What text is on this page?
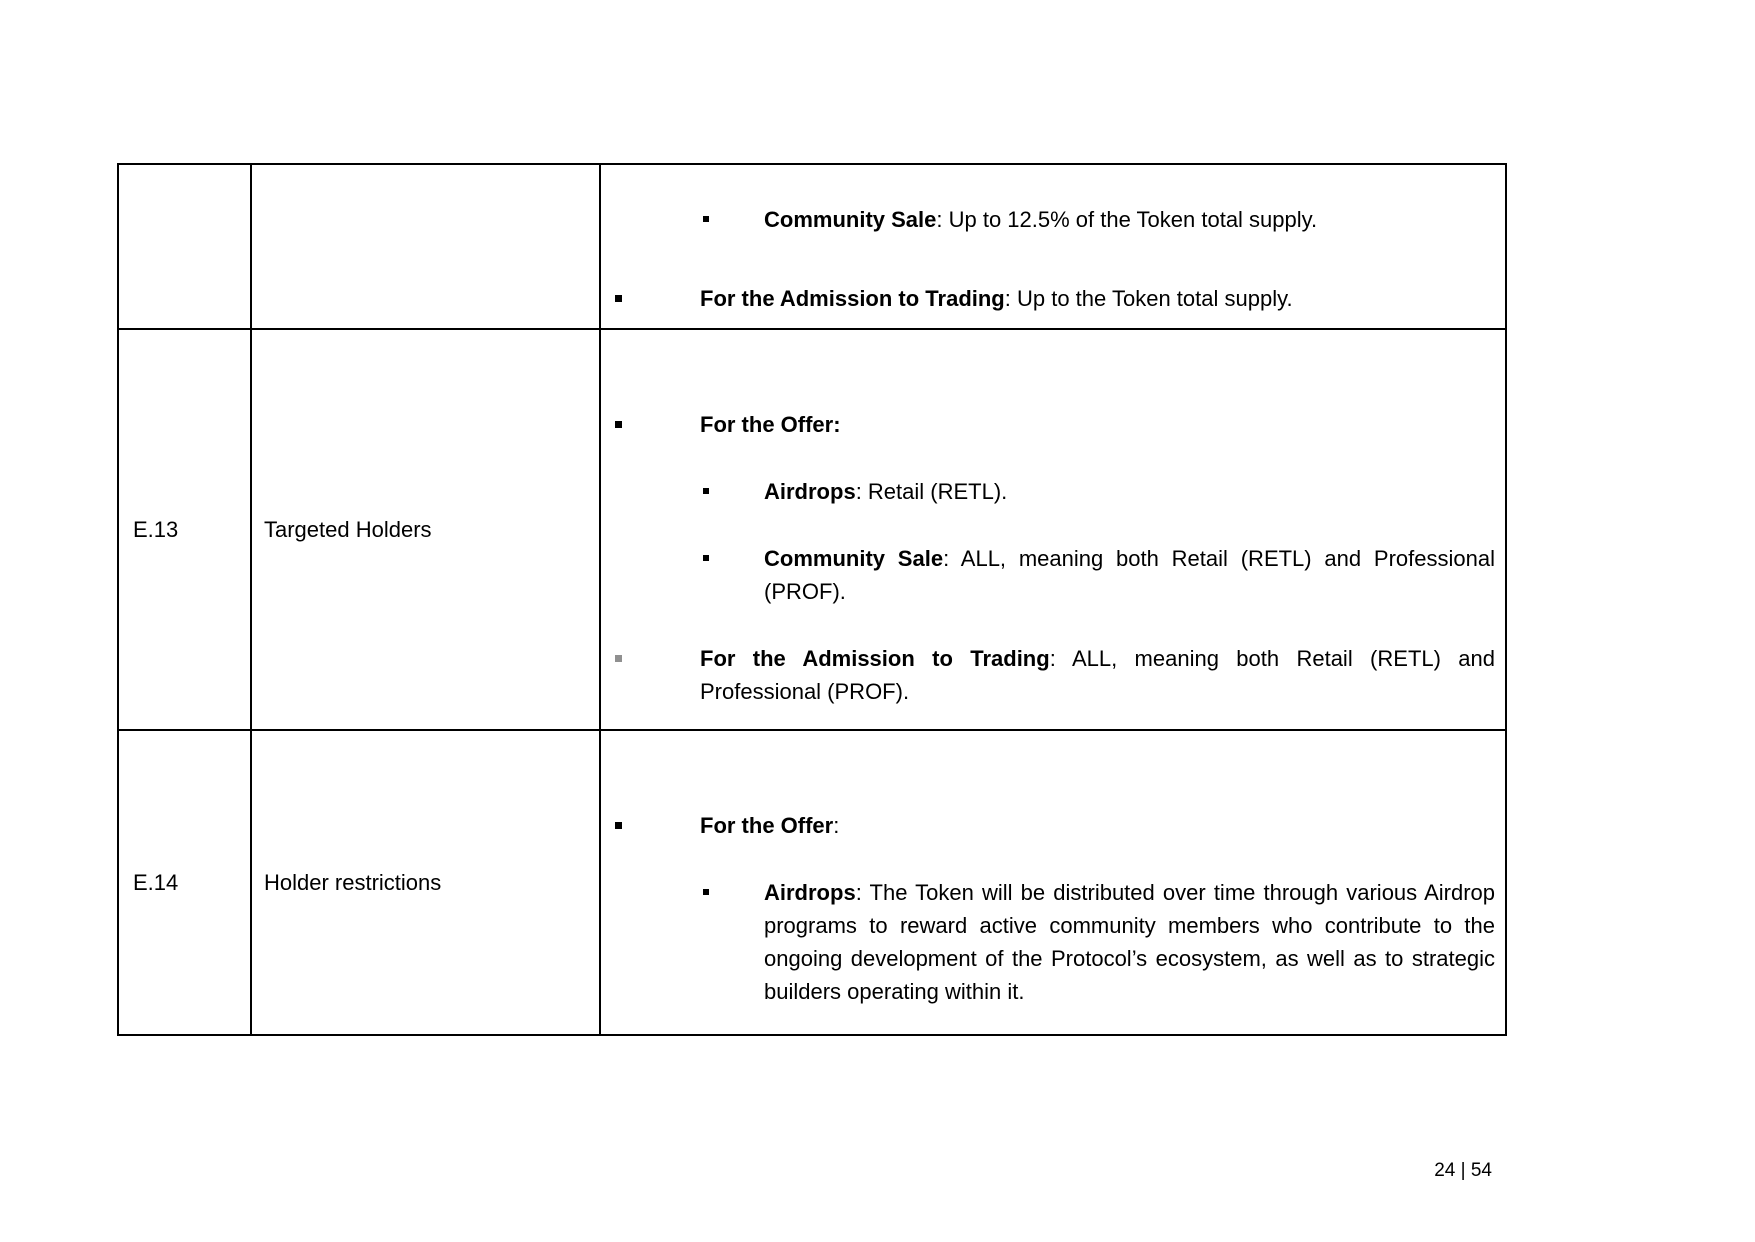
Community Sale: Up to 12.5% of the Token total supply.
For the Admission to Trading: Up to the Token total supply.
E.13	Targeted Holders
For the Offer:
Airdrops: Retail (RETL).
Community Sale: ALL, meaning both Retail (RETL) and Professional (PROF).
For the Admission to Trading: ALL, meaning both Retail (RETL) and Professional (PROF).
E.14	Holder restrictions
For the Offer:
Airdrops: The Token will be distributed over time through various Airdrop programs to reward active community members who contribute to the ongoing development of the Protocol’s ecosystem, as well as to strategic builders operating within it.
24 | 54
